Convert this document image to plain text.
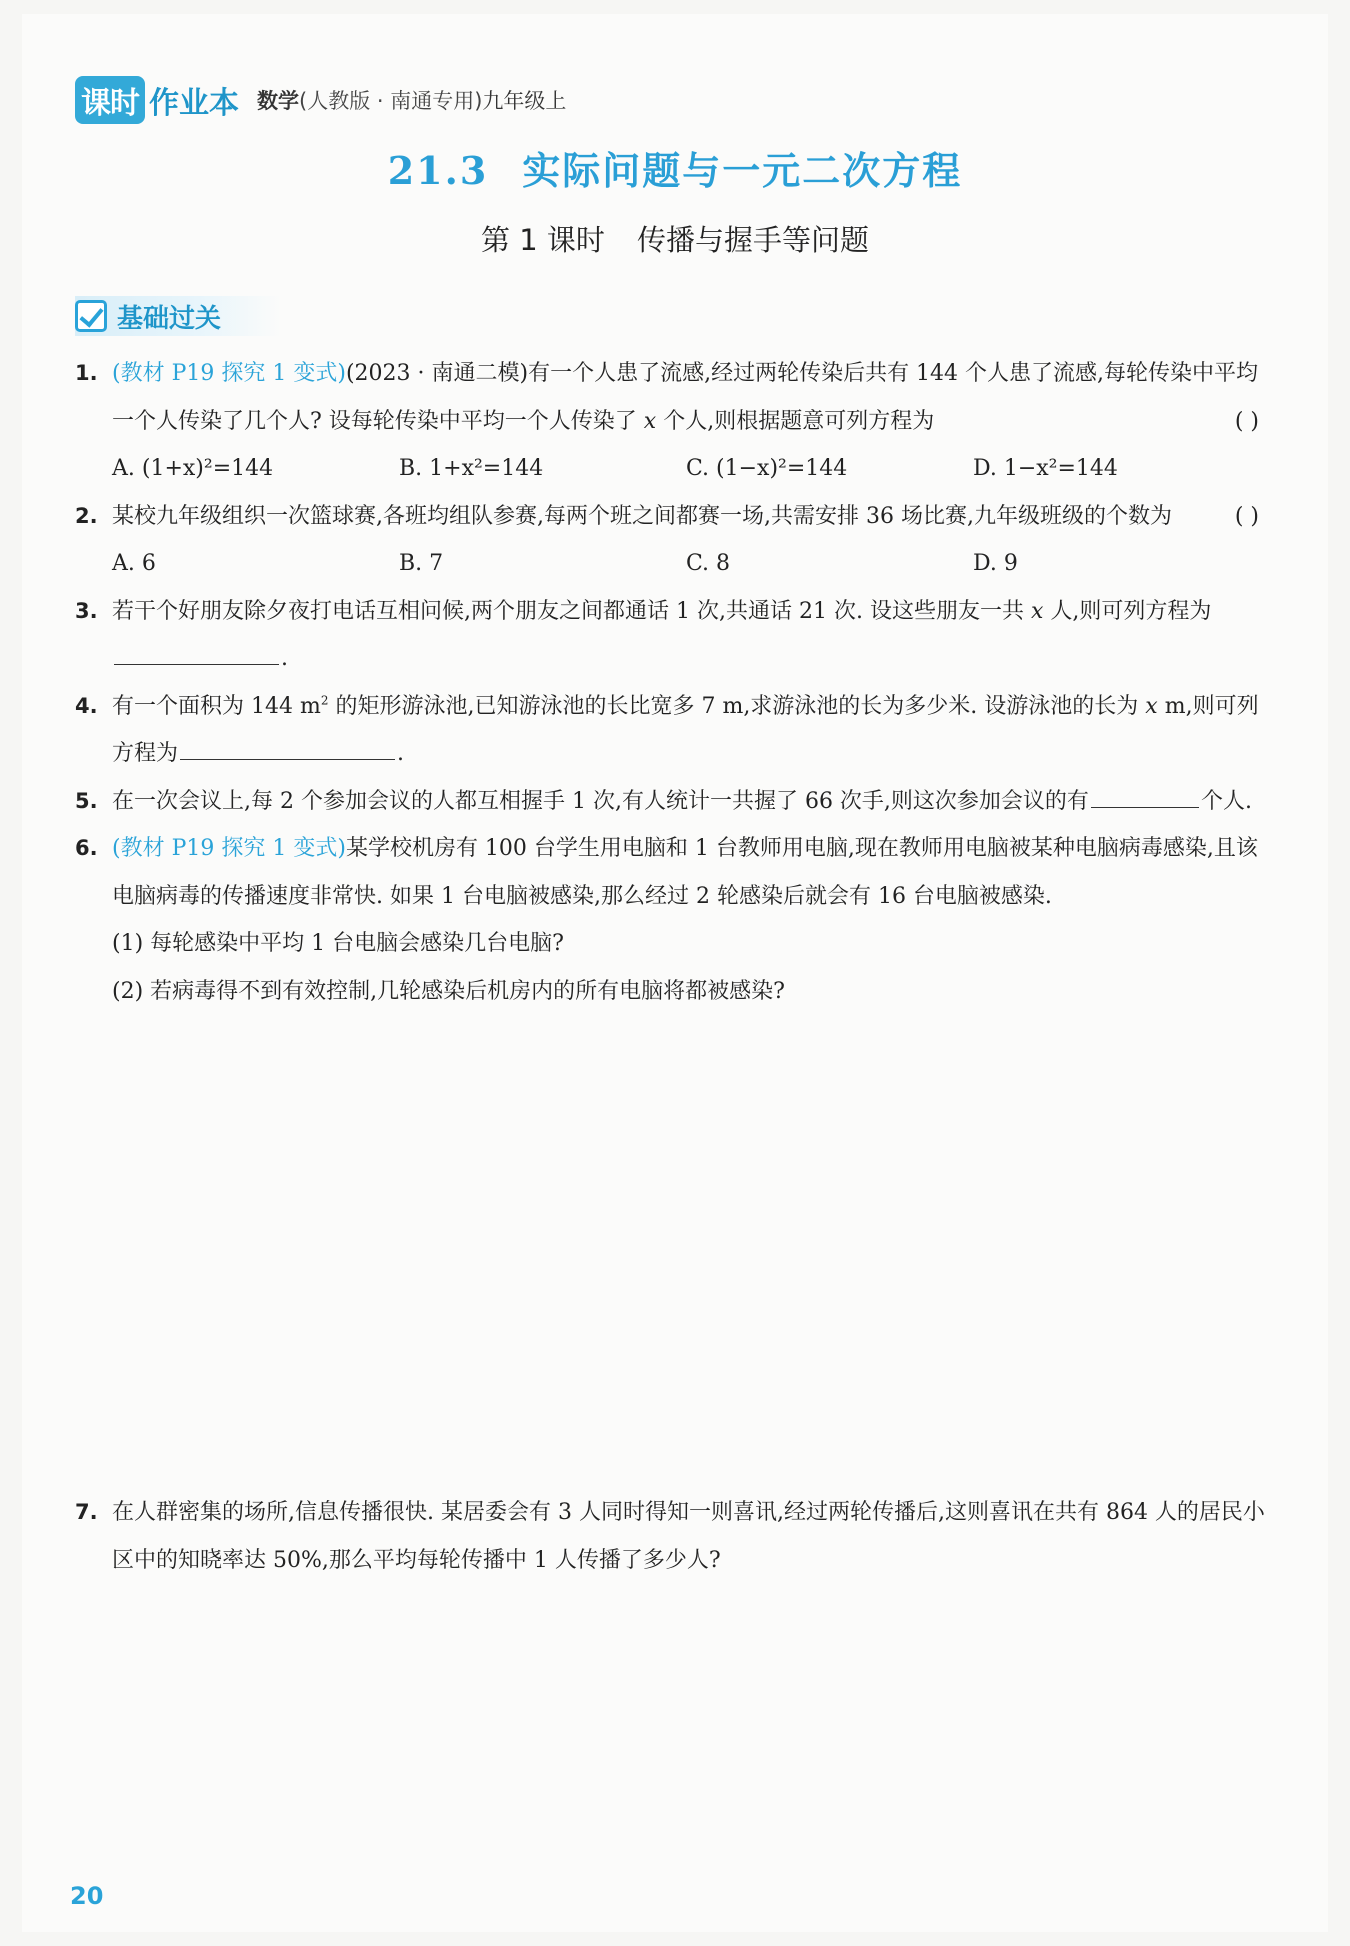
课时 作业本 数学(人教版 · 南通专用)九年级上
21.3 实际问题与一元二次方程
第 1 课时 传播与握手等问题
基础过关
1. (教材 P19 探究 1 变式)(2023 · 南通二模)有一个人患了流感,经过两轮传染后共有 144 个人患了流感,每轮传染中平均一个人传染了几个人? 设每轮传染中平均一个人传染了 x 个人,则根据题意可列方程为	( )
A. (1+x)²=144	B. 1+x²=144	C. (1−x)²=144	D. 1−x²=144
2. 某校九年级组织一次篮球赛,各班均组队参赛,每两个班之间都赛一场,共需安排 36 场比赛,九年级班级的个数为	( )
A. 6	B. 7	C. 8	D. 9
3. 若干个好朋友除夕夜打电话互相问候,两个朋友之间都通话 1 次,共通话 21 次. 设这些朋友一共 x 人,则可列方程为.
4. 有一个面积为 144 $m^2$ 的矩形游泳池,已知游泳池的长比宽多 7 m,求游泳池的长为多少米. 设游泳池的长为 x m,则可列方程为	.
5. 在一次会议上,每 2 个参加会议的人都互相握手 1 次,有人统计一共握了 66 次手,则这次参加会议的有	个人.
6. (教材 P19 探究 1 变式)某学校机房有 100 台学生用电脑和 1 台教师用电脑,现在教师用电脑被某种电脑病毒感染,且该电脑病毒的传播速度非常快. 如果 1 台电脑被感染,那么经过 2 轮感染后就会有 16 台电脑被感染.
(1) 每轮感染中平均 1 台电脑会感染几台电脑?
(2) 若病毒得不到有效控制,几轮感染后机房内的所有电脑将都被感染?
7. 在人群密集的场所,信息传播很快. 某居委会有 3 人同时得知一则喜讯,经过两轮传播后,这则喜讯在共有 864 人的居民小区中的知晓率达 50%,那么平均每轮传播中 1 人传播了多少人?
20
